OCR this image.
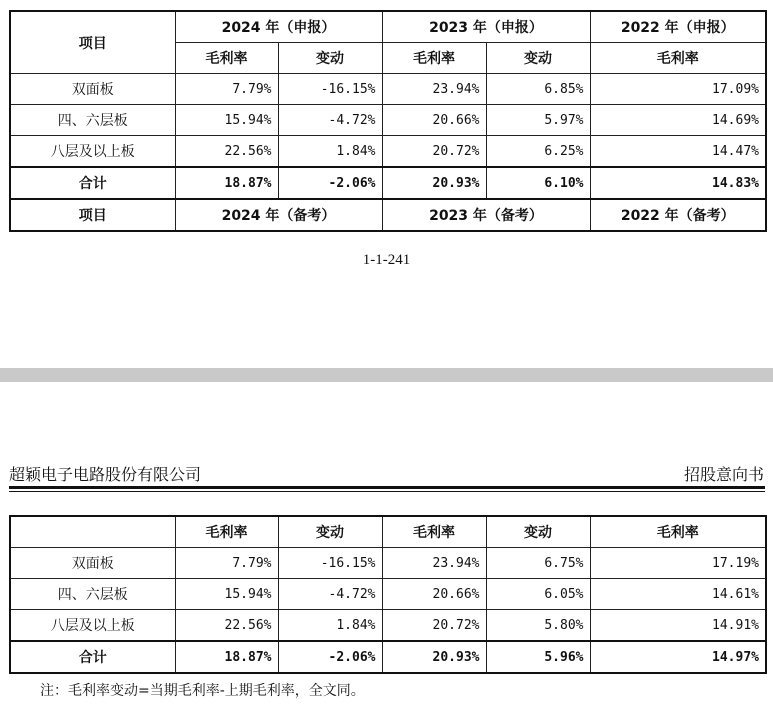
项目	2024 年（申报）		2023 年（申报）		2022 年（申报）
	毛利率	变动	毛利率	变动	毛利率
双面板	7.79%	-16.15%	23.94%	6.85%	17.09%
四、六层板	15.94%	-4.72%	20.66%	5.97%	14.69%
八层及以上板	22.56%	1.84%	20.72%	6.25%	14.47%
合计	18.87%	-2.06%	20.93%	6.10%	14.83%
项目	2024 年（备考）		2023 年（备考）		2022 年（备考）
1-1-241
超颖电子电路股份有限公司	招股意向书
	毛利率	变动	毛利率	变动	毛利率
双面板	7.79%	-16.15%	23.94%	6.75%	17.19%
四、六层板	15.94%	-4.72%	20.66%	6.05%	14.61%
八层及以上板	22.56%	1.84%	20.72%	5.80%	14.91%
合计	18.87%	-2.06%	20.93%	5.96%	14.97%
注：毛利率变动=当期毛利率-上期毛利率，全文同。
